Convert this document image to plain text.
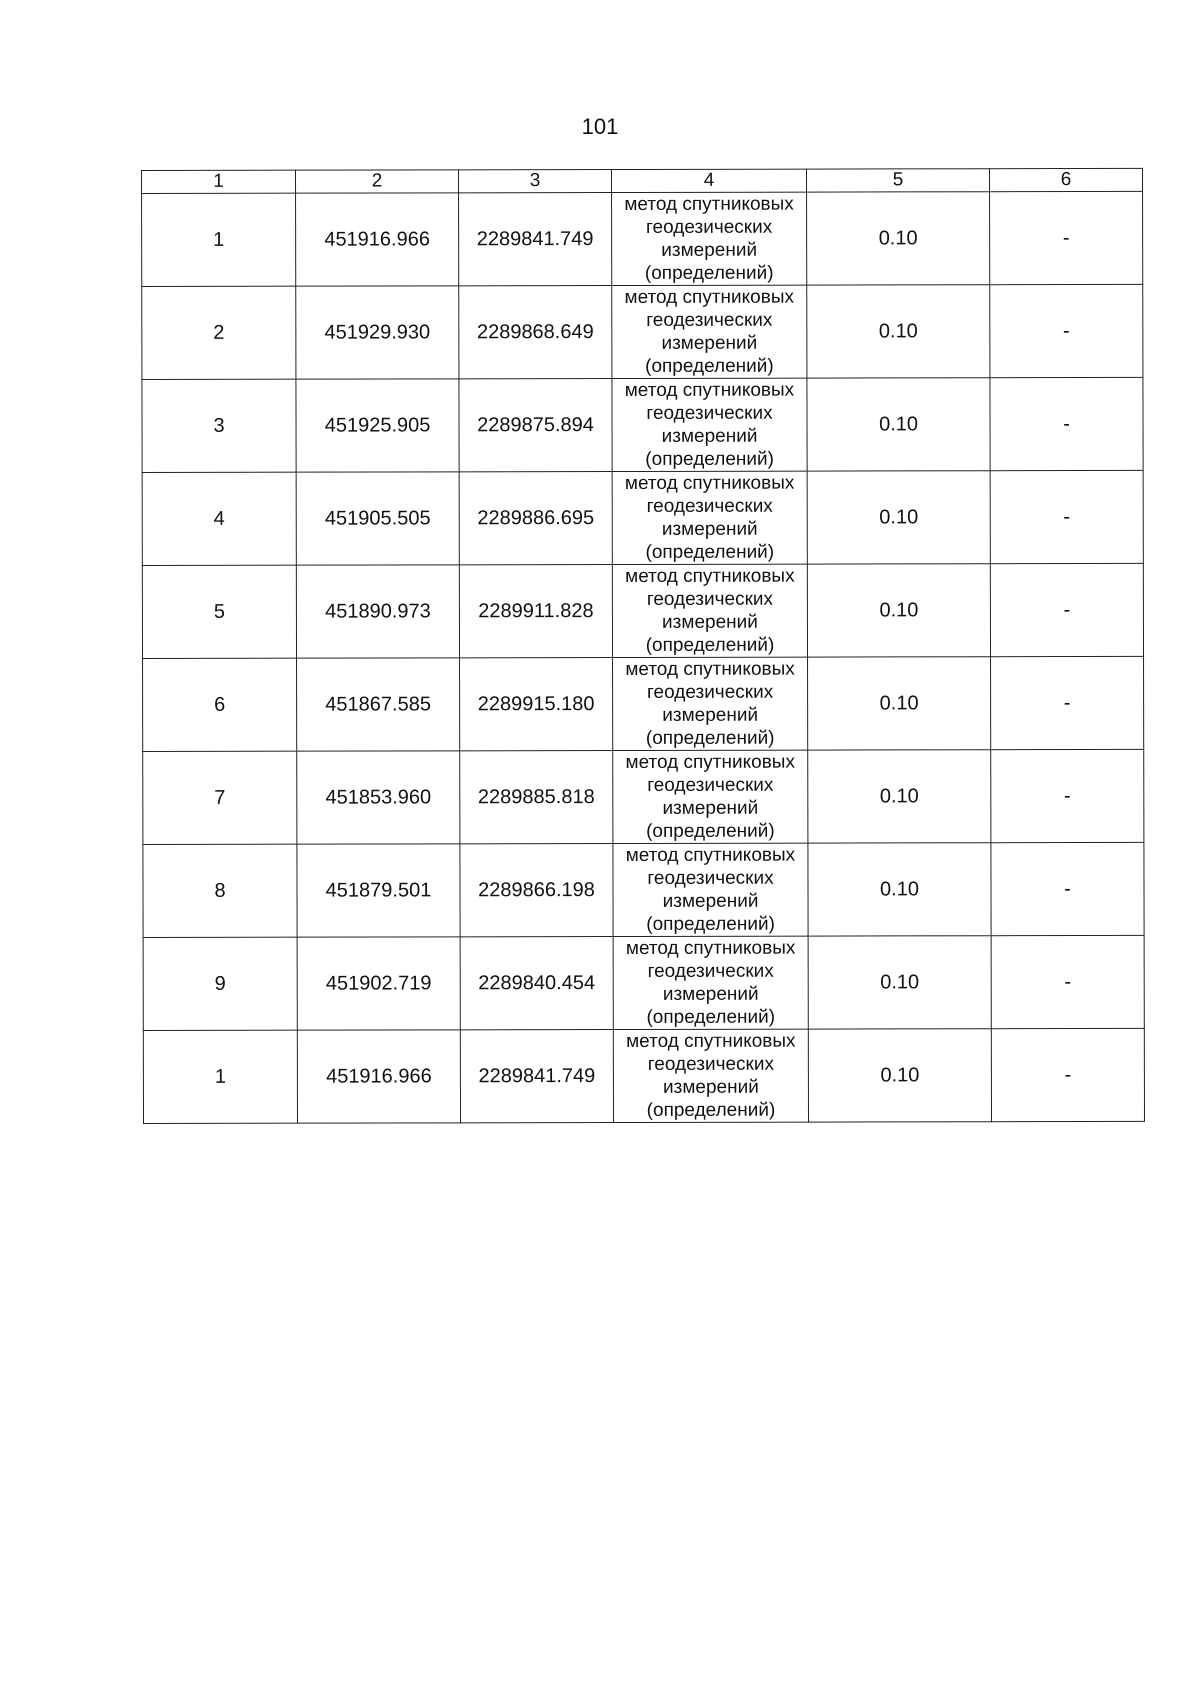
101
1	2	3	4	5	6
1	451916.966	2289841.749	метод спутниковых геодезических измерений (определений)	0.10	-
2	451929.930	2289868.649	метод спутниковых геодезических измерений (определений)	0.10	-
3	451925.905	2289875.894	метод спутниковых геодезических измерений (определений)	0.10	-
4	451905.505	2289886.695	метод спутниковых геодезических измерений (определений)	0.10	-
5	451890.973	2289911.828	метод спутниковых геодезических измерений (определений)	0.10	-
6	451867.585	2289915.180	метод спутниковых геодезических измерений (определений)	0.10	-
7	451853.960	2289885.818	метод спутниковых геодезических измерений (определений)	0.10	-
8	451879.501	2289866.198	метод спутниковых геодезических измерений (определений)	0.10	-
9	451902.719	2289840.454	метод спутниковых геодезических измерений (определений)	0.10	-
1	451916.966	2289841.749	метод спутниковых геодезических измерений (определений)	0.10	-
